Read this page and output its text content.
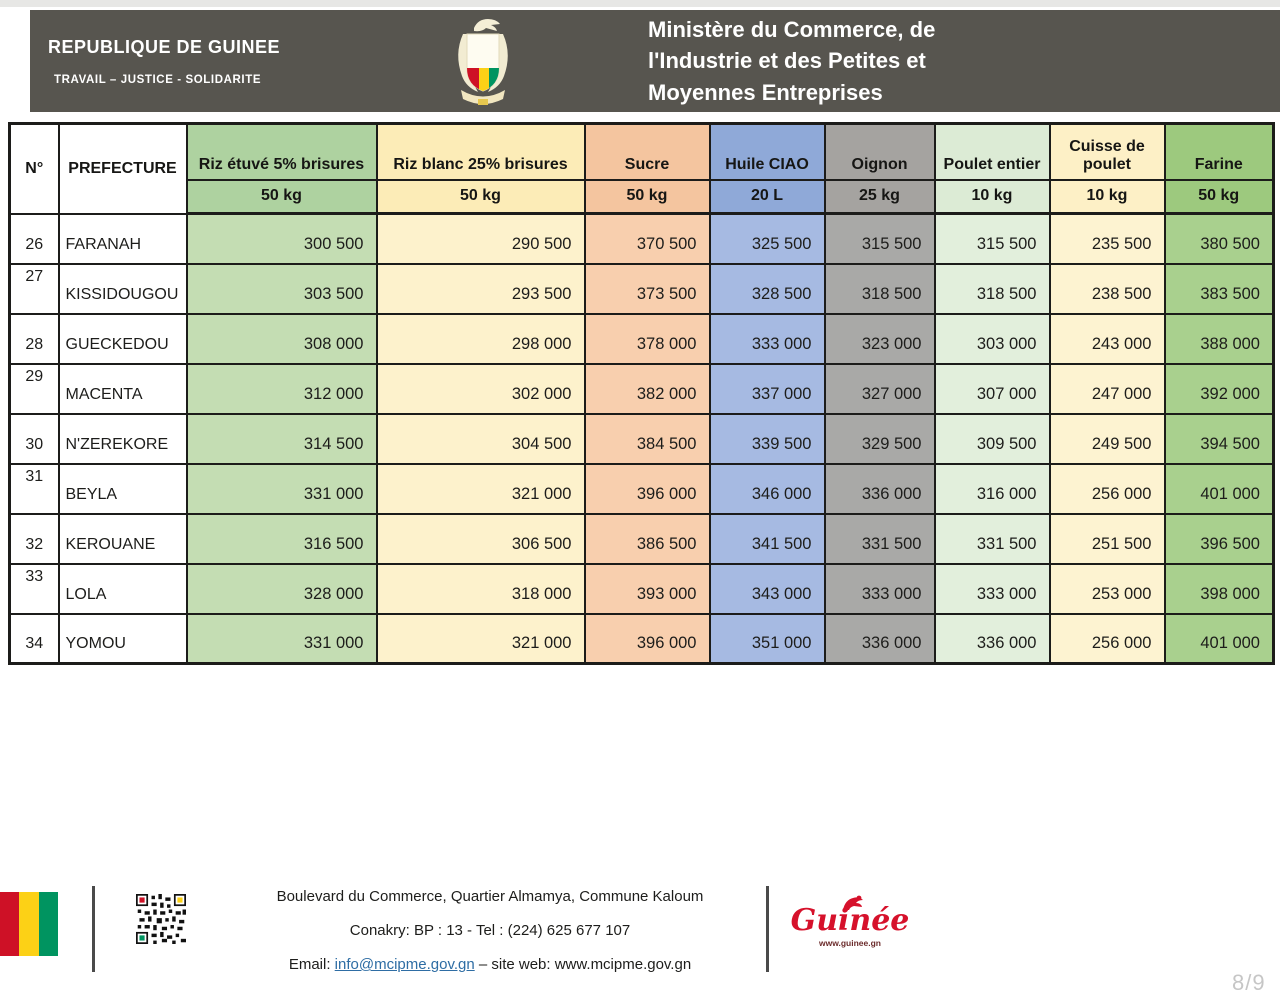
REPUBLIQUE DE GUINEE
TRAVAIL – JUSTICE - SOLIDARITE
Ministère du Commerce, de
l'Industrie et des Petites et
Moyennes Entreprises
N°	PREFECTURE	Riz étuvé 5% brisures	Riz blanc 25% brisures	Sucre	Huile CIAO	Oignon	Poulet entier	Cuisse de poulet	Farine
		50 kg	50 kg	50 kg	20 L	25 kg	10 kg	10 kg	50 kg
26	FARANAH	300 500	290 500	370 500	325 500	315 500	315 500	235 500	380 500
27	KISSIDOUGOU	303 500	293 500	373 500	328 500	318 500	318 500	238 500	383 500
28	GUECKEDOU	308 000	298 000	378 000	333 000	323 000	303 000	243 000	388 000
29	MACENTA	312 000	302 000	382 000	337 000	327 000	307 000	247 000	392 000
30	N'ZEREKORE	314 500	304 500	384 500	339 500	329 500	309 500	249 500	394 500
31	BEYLA	331 000	321 000	396 000	346 000	336 000	316 000	256 000	401 000
32	KEROUANE	316 500	306 500	386 500	341 500	331 500	331 500	251 500	396 500
33	LOLA	328 000	318 000	393 000	343 000	333 000	333 000	253 000	398 000
34	YOMOU	331 000	321 000	396 000	351 000	336 000	336 000	256 000	401 000
Boulevard du Commerce, Quartier Almamya, Commune Kaloum
Conakry: BP : 13 - Tel : (224) 625 677 107
Email: info@mcipme.gov.gn – site web: www.mcipme.gov.gn
Guinée
www.guinee.gn
8/9
